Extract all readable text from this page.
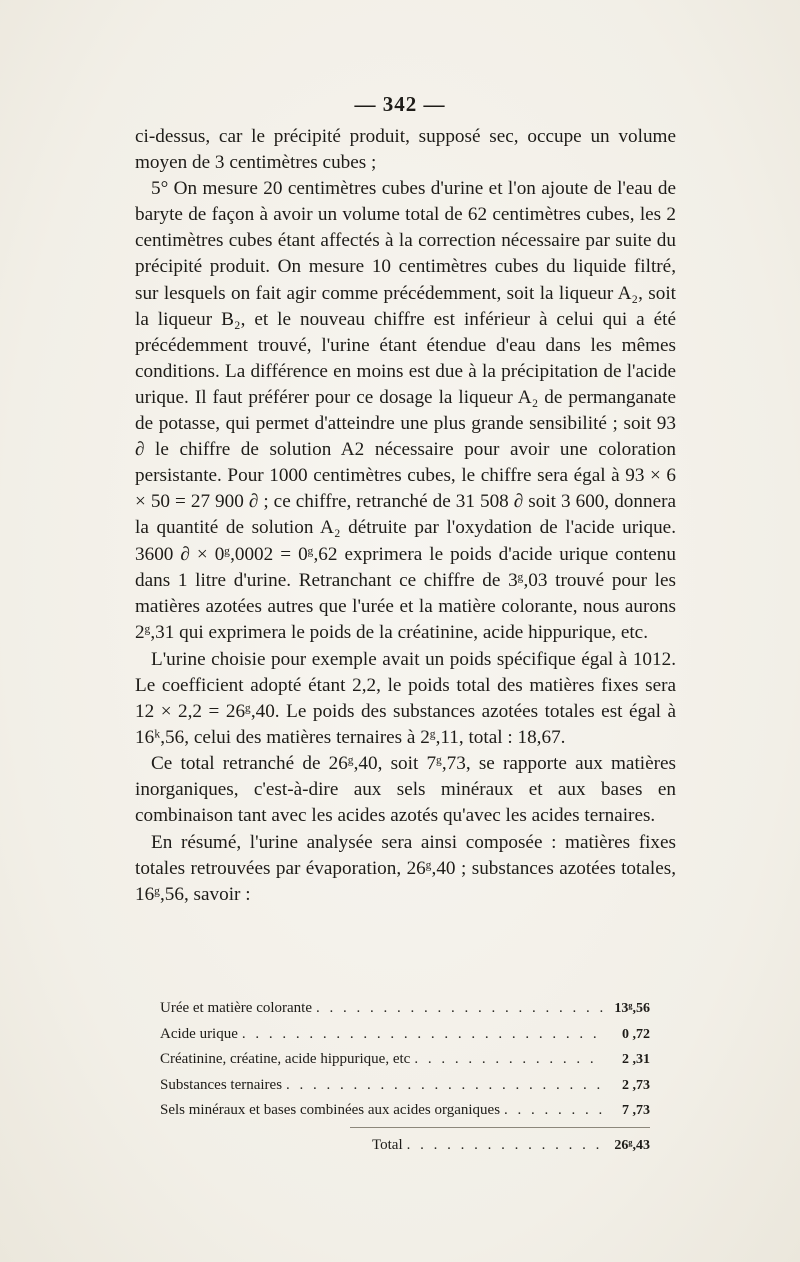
— 342 —

ci-dessus, car le précipité produit, supposé sec, occupe un volume moyen de 3 centimètres cubes ;

5° On mesure 20 centimètres cubes d'urine et l'on ajoute de l'eau de baryte de façon à avoir un volume total de 62 centimètres cubes, les 2 centimètres cubes étant affectés à la correction nécessaire par suite du précipité produit. On mesure 10 centimètres cubes du liquide filtré, sur lesquels on fait agir comme précédemment, soit la liqueur A₂, soit la liqueur B₂, et le nouveau chiffre est inférieur à celui qui a été précédemment trouvé, l'urine étant étendue d'eau dans les mêmes conditions. La différence en moins est due à la précipitation de l'acide urique. Il faut préférer pour ce dosage la liqueur A₂ de permanganate de potasse, qui permet d'atteindre une plus grande sensibilité ; soit 93 ∂ le chiffre de solution A2 nécessaire pour avoir une coloration persistante. Pour 1000 centimètres cubes, le chiffre sera égal à 93 × 6 × 50 = 27 900 ∂ ; ce chiffre, retranché de 31 508 ∂ soit 3 600, donnera la quantité de solution A₂ détruite par l'oxydation de l'acide urique. 3600 ∂ × 0ᵍ,0002 = 0ᵍ,62 exprimera le poids d'acide urique contenu dans 1 litre d'urine. Retranchant ce chiffre de 3ᵍ,03 trouvé pour les matières azotées autres que l'urée et la matière colorante, nous aurons 2ᵍ,31 qui exprimera le poids de la créatinine, acide hippurique, etc.

L'urine choisie pour exemple avait un poids spécifique égal à 1012. Le coefficient adopté étant 2,2, le poids total des matières fixes sera 12 × 2,2 = 26ᵍ,40. Le poids des substances azotées totales est égal à 16ᵏ,56, celui des matières ternaires à 2ᵍ,11, total : 18,67.

Ce total retranché de 26ᵍ,40, soit 7ᵍ,73, se rapporte aux matières inorganiques, c'est-à-dire aux sels minéraux et aux bases en combinaison tant avec les acides azotés qu'avec les acides ternaires.

En résumé, l'urine analysée sera ainsi composée : matières fixes totales retrouvées par évaporation, 26ᵍ,40 ; substances azotées totales, 16ᵍ,56, savoir :

Urée et matière colorante . . .	13ᵍ,56
Acide urique . . .	0 ,72
Créatinine, créatine, acide hippurique, etc . . .	2 ,31
Substances ternaires . . .	2 ,73
Sels minéraux et bases combinées aux acides organiques . . .	7 ,73
Total . . .	26ᵍ,43
